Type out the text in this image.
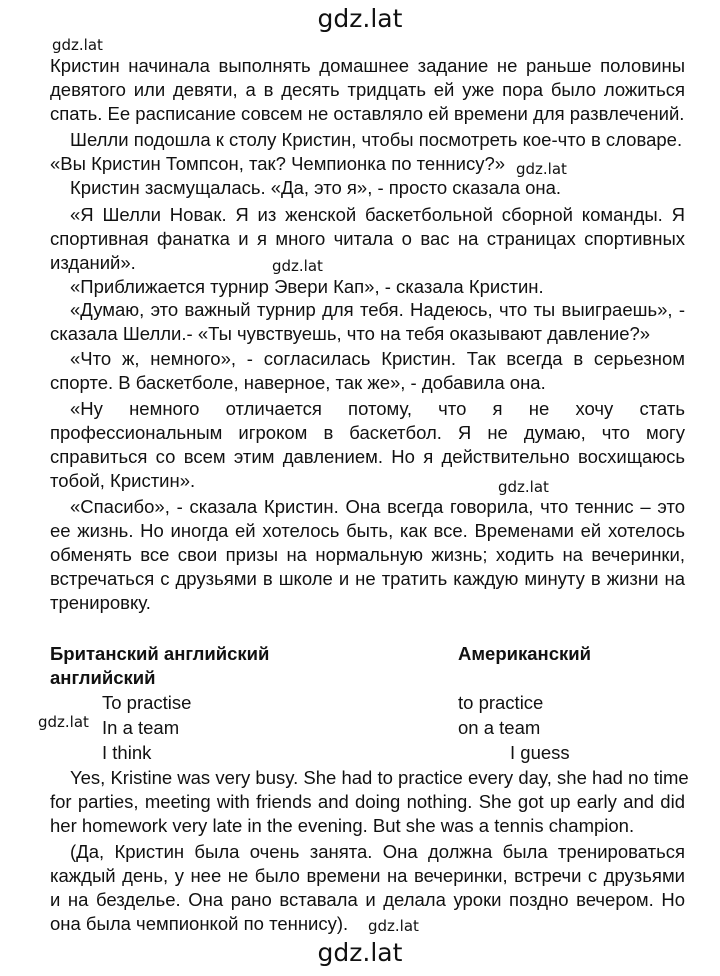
gdz.lat
gdz.lat
gdz.lat
gdz.lat
gdz.lat
gdz.lat
gdz.lat
Кристин начинала выполнять домашнее задание не раньше половины
девятого или девяти, а в десять тридцать ей уже пора было ложиться
спать. Ее расписание совсем не оставляло ей времени для развлечений.
Шелли подошла к столу Кристин, чтобы посмотреть кое-что в словаре.
«Вы Кристин Томпсон, так? Чемпионка по теннису?»
Кристин засмущалась. «Да, это я», - просто сказала она.
«Я Шелли Новак. Я из женской баскетбольной сборной команды. Я
спортивная фанатка и я много читала о вас на страницах спортивных
изданий».
«Приближается турнир Эвери Кап», - сказала Кристин.
«Думаю, это важный турнир для тебя. Надеюсь, что ты выиграешь», -
сказала Шелли.- «Ты чувствуешь, что на тебя оказывают давление?»
«Что ж, немного», - согласилась Кристин. Так всегда в серьезном
спорте. В баскетболе, наверное, так же», - добавила она.
«Ну немного отличается потому, что я не хочу стать
профессиональным игроком в баскетбол. Я не думаю, что могу
справиться со всем этим давлением. Но я действительно восхищаюсь
тобой, Кристин».
«Спасибо», - сказала Кристин. Она всегда говорила, что теннис – это
ее жизнь. Но иногда ей хотелось быть, как все. Временами ей хотелось
обменять все свои призы на нормальную жизнь; ходить на вечеринки,
встречаться с друзьями в школе и не тратить каждую минуту в жизни на
тренировку.
Британский английский	Американский
английский
To practise	to practice
In a team	on a team
I think	I guess
Yes, Kristine was very busy. She had to practice every day, she had no time
for parties, meeting with friends and doing nothing. She got up early and did
her homework very late in the evening. But she was a tennis champion.
(Да, Кристин была очень занята. Она должна была тренироваться
каждый день, у нее не было времени на вечеринки, встречи с друзьями
и на безделье. Она рано вставала и делала уроки поздно вечером. Но
она была чемпионкой по теннису).
gdz.lat
